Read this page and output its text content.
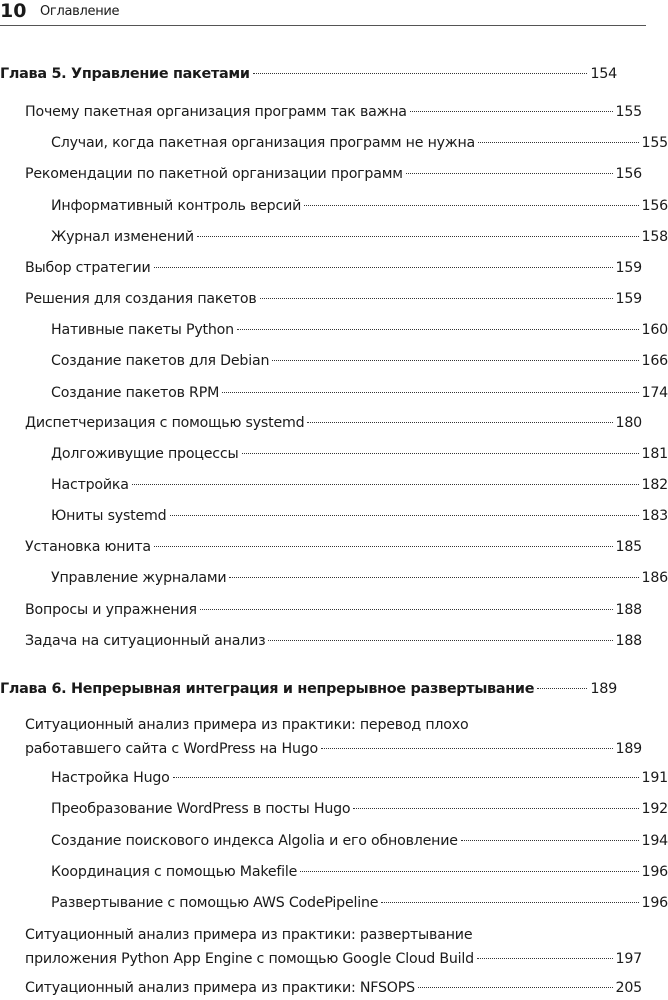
10 Оглавление
Глава 5. Управление пакетами	154
Почему пакетная организация программ так важна	155
Случаи, когда пакетная организация программ не нужна	155
Рекомендации по пакетной организации программ	156
Информативный контроль версий	156
Журнал изменений	158
Выбор стратегии	159
Решения для создания пакетов	159
Нативные пакеты Python	160
Создание пакетов для Debian	166
Создание пакетов RPM	174
Диспетчеризация с помощью systemd	180
Долгоживущие процессы	181
Настройка	182
Юниты systemd	183
Установка юнита	185
Управление журналами	186
Вопросы и упражнения	188
Задача на ситуационный анализ	188
Глава 6. Непрерывная интеграция и непрерывное развертывание	189
Ситуационный анализ примера из практики: перевод плохо
работавшего сайта с WordPress на Hugo	189
Настройка Hugo	191
Преобразование WordPress в посты Hugo	192
Создание поискового индекса Algolia и его обновление	194
Координация с помощью Makefile	196
Развертывание с помощью AWS CodePipeline	196
Ситуационный анализ примера из практики: развертывание
приложения Python App Engine с помощью Google Cloud Build	197
Ситуационный анализ примера из практики: NFSOPS	205
